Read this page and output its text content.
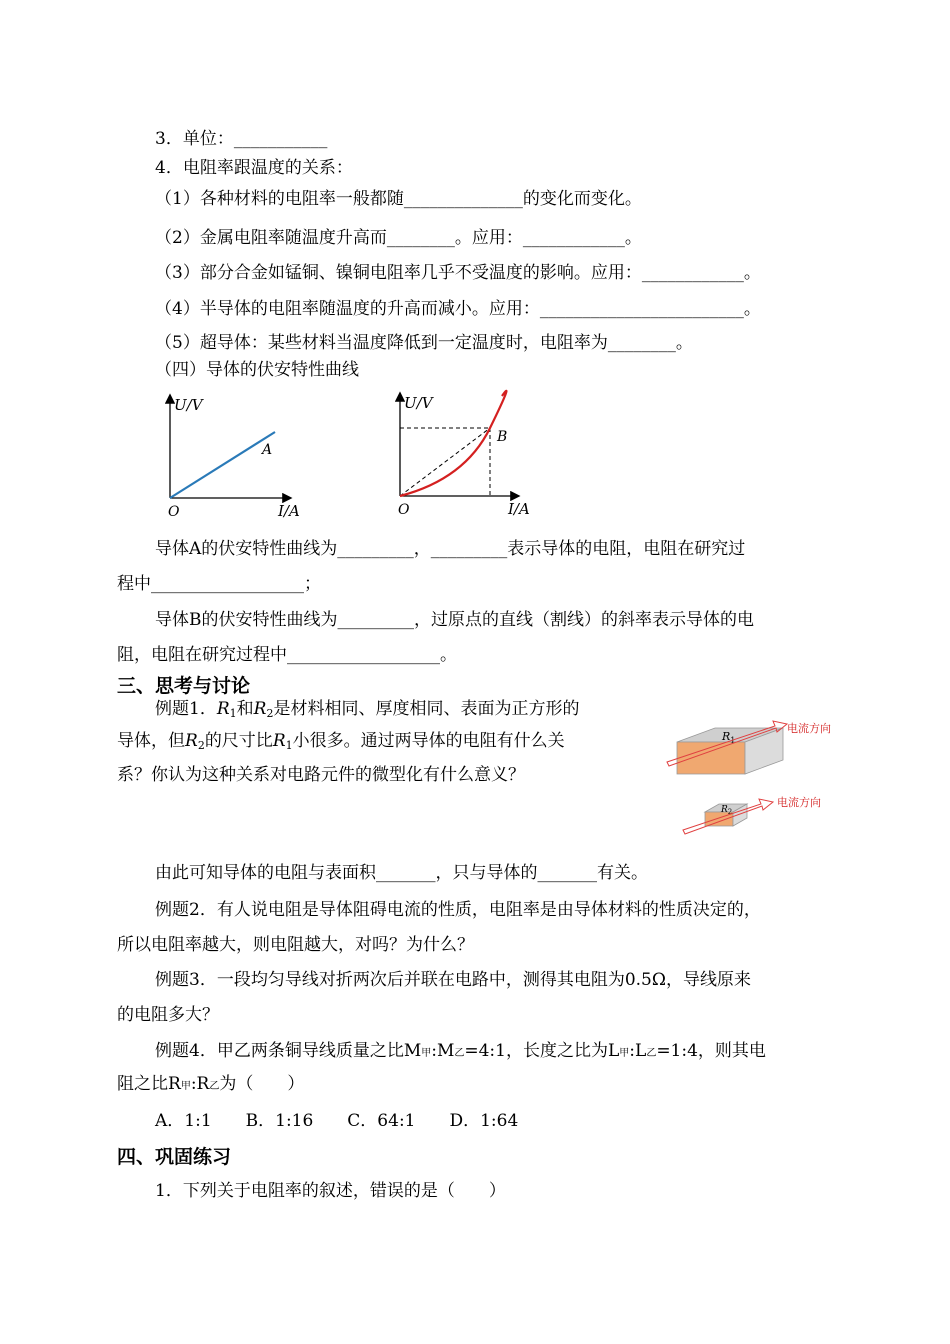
3．单位：___________
4．电阻率跟温度的关系：
（1）各种材料的电阻率一般都随______________的变化而变化。
（2）金属电阻率随温度升高而________。应用：____________。
（3）部分合金如锰铜、镍铜电阻率几乎不受温度的影响。应用：____________。
（4）半导体的电阻率随温度的升高而减小。应用：________________________。
（5）超导体：某些材料当温度降低到一定温度时，电阻率为________。
（四）导体的伏安特性曲线
U/V
I/A
O
A
U/V
I/A
O
B
导体A的伏安特性曲线为_________，_________表示导体的电阻，电阻在研究过
程中__________________；
导体B的伏安特性曲线为_________，过原点的直线（割线）的斜率表示导体的电
阻，电阻在研究过程中__________________。
三、思考与讨论
例题1．$R_1$和$R_2$是材料相同、厚度相同、表面为正方形的
导体，但$R_2$的尺寸比$R_1$小很多。通过两导体的电阻有什么关
系？你认为这种关系对电路元件的微型化有什么意义？
$R_1$
电流方向
$R_2$
电流方向
由此可知导体的电阻与表面积_______，只与导体的_______有关。
例题2．有人说电阻是导体阻碍电流的性质，电阻率是由导体材料的性质决定的，
所以电阻率越大，则电阻越大，对吗？为什么？
例题3．一段均匀导线对折两次后并联在电路中，测得其电阻为0.5Ω，导线原来
的电阻多大？
例题4．甲乙两条铜导线质量之比M甲:M乙=4:1，长度之比为L甲:L乙=1:4，则其电
阻之比R甲:R乙为（　　）
A．1:1　　B．1:16　　C．64:1　　D．1:64
四、巩固练习
1．下列关于电阻率的叙述，错误的是（　　）
